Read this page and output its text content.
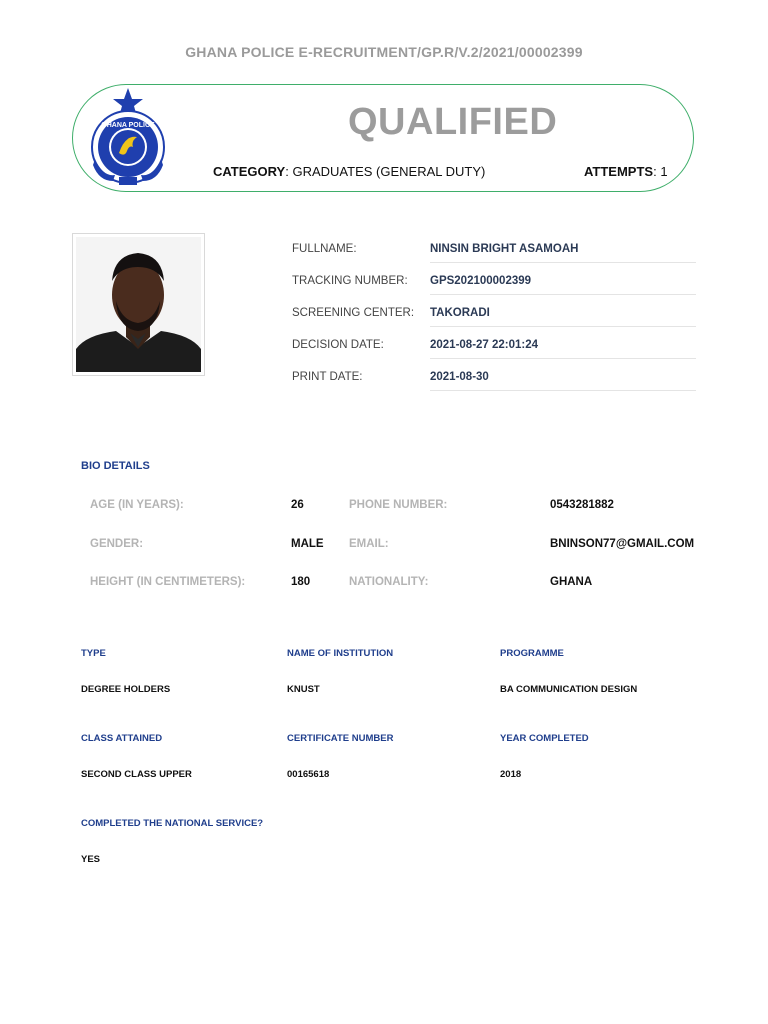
GHANA POLICE E-RECRUITMENT/GP.R/V.2/2021/00002399
GHANA POLICE	QUALIFIED
CATEGORY: GRADUATES (GENERAL DUTY)	ATTEMPTS: 1
FULLNAME:	NINSIN BRIGHT ASAMOAH
TRACKING NUMBER: GPS202100002399
SCREENING CENTER: TAKORADI
DECISION DATE:	2021-08-27 22:01:24
PRINT DATE:	2021-08-30
BIO DETAILS
AGE (IN YEARS):	26	PHONE NUMBER:	0543281882
GENDER:	MALE EMAIL:	BNINSON77@GMAIL.COM
HEIGHT (IN CENTIMETERS):	180	NATIONALITY:	GHANA
TYPE	NAME OF INSTITUTION	PROGRAMME
DEGREE HOLDERS	KNUST	BA COMMUNICATION DESIGN
CLASS ATTAINED	CERTIFICATE NUMBER	YEAR COMPLETED
SECOND CLASS UPPER	00165618	2018
COMPLETED THE NATIONAL SERVICE?
YES
